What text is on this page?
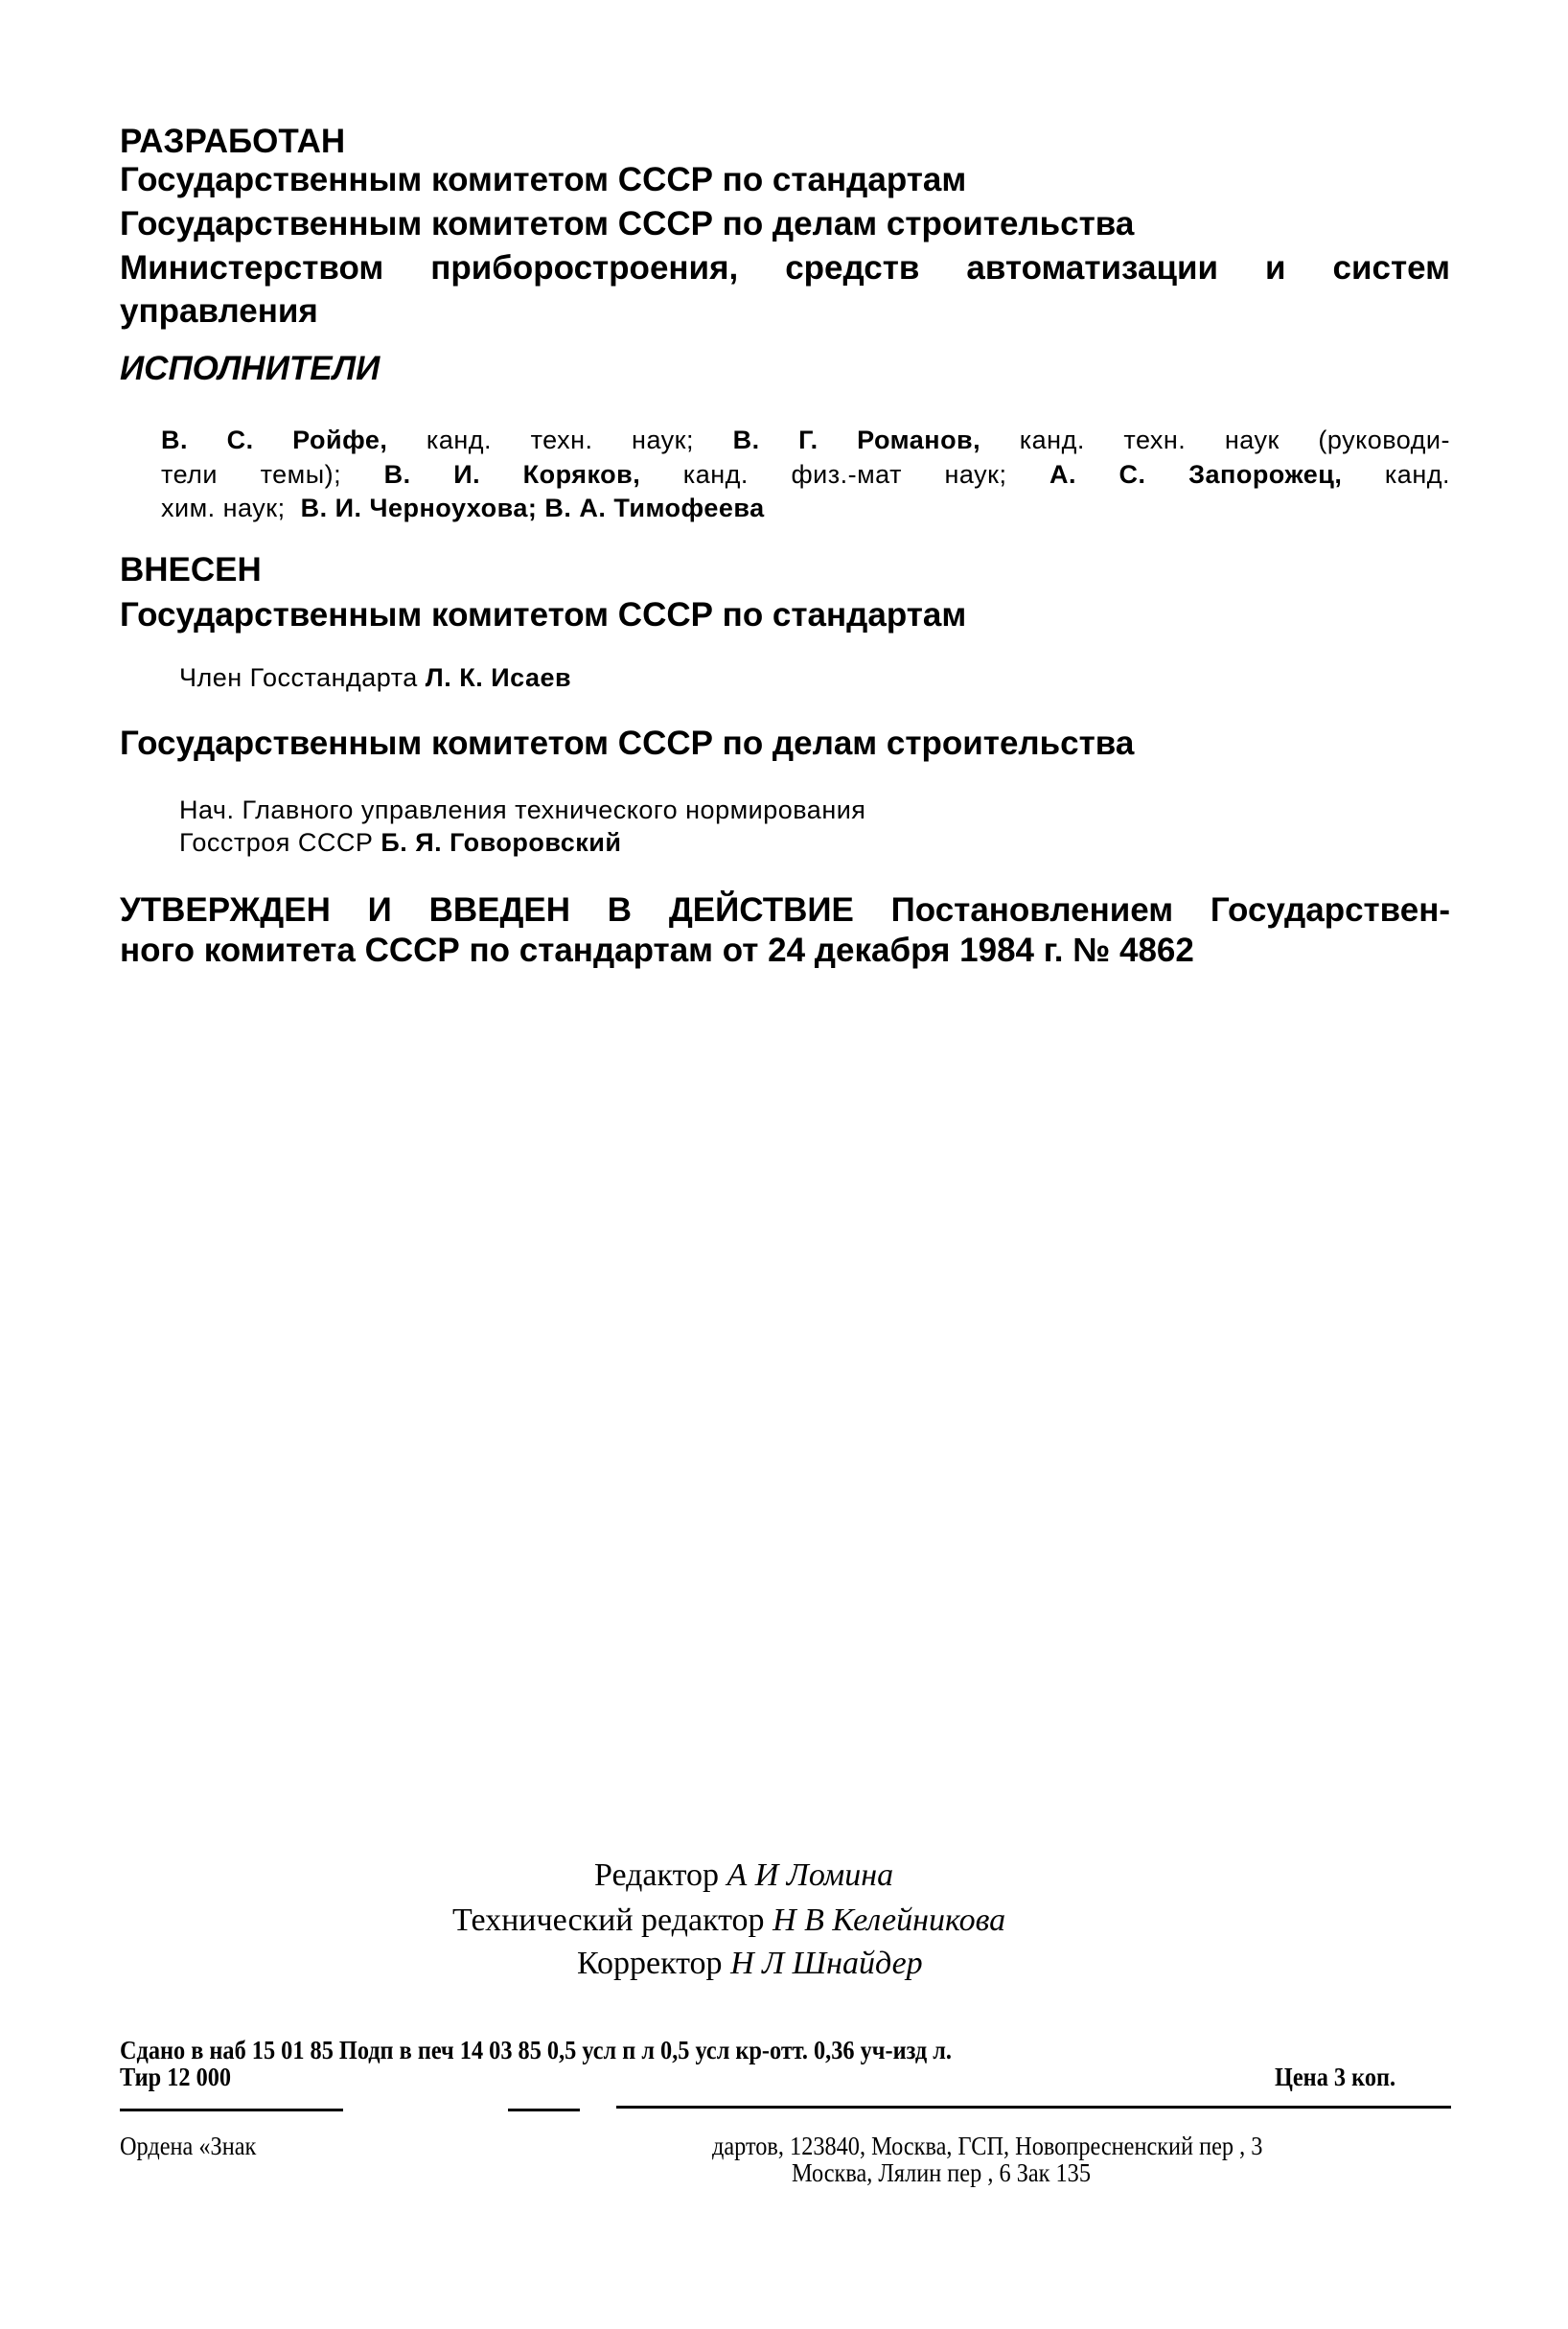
РАЗРАБОТАН
Государственным комитетом СССР по стандартам
Государственным комитетом СССР по делам строительства
Министерством приборостроения, средств автоматизации и систем
управления
ИСПОЛНИТЕЛИ
В. С. Ройфе, канд. техн. наук; В. Г. Романов, канд. техн. наук (руководи-
тели темы); В. И. Коряков, канд. физ.-мат наук; А. С. Запорожец, канд.
хим. наук;  В. И. Черноухова; В. А. Тимофеева
ВНЕСЕН
Государственным комитетом СССР по стандартам
Член Госстандарта Л. К. Исаев
Государственным комитетом СССР по делам строительства
Нач. Главного управления технического нормирования
Госстроя СССР Б. Я. Говоровский
УТВЕРЖДЕН И ВВЕДЕН В ДЕЙСТВИЕ Постановлением Государствен-
ного комитета СССР по стандартам от 24 декабря 1984 г. № 4862
Редактор А И Ломина
Технический редактор Н В Келейникова
Корректор Н Л Шнайдер
Сдано в наб 15 01 85 Подп в печ 14 03 85 0,5 усл п л 0,5 усл кр-отт. 0,36 уч-изд л.
Тир 12 000	Цена 3 коп.
Ордена «Знак	дартов, 123840, Москва, ГСП, Новопресненский пер , 3
Москва, Лялин пер , 6 Зак 135
